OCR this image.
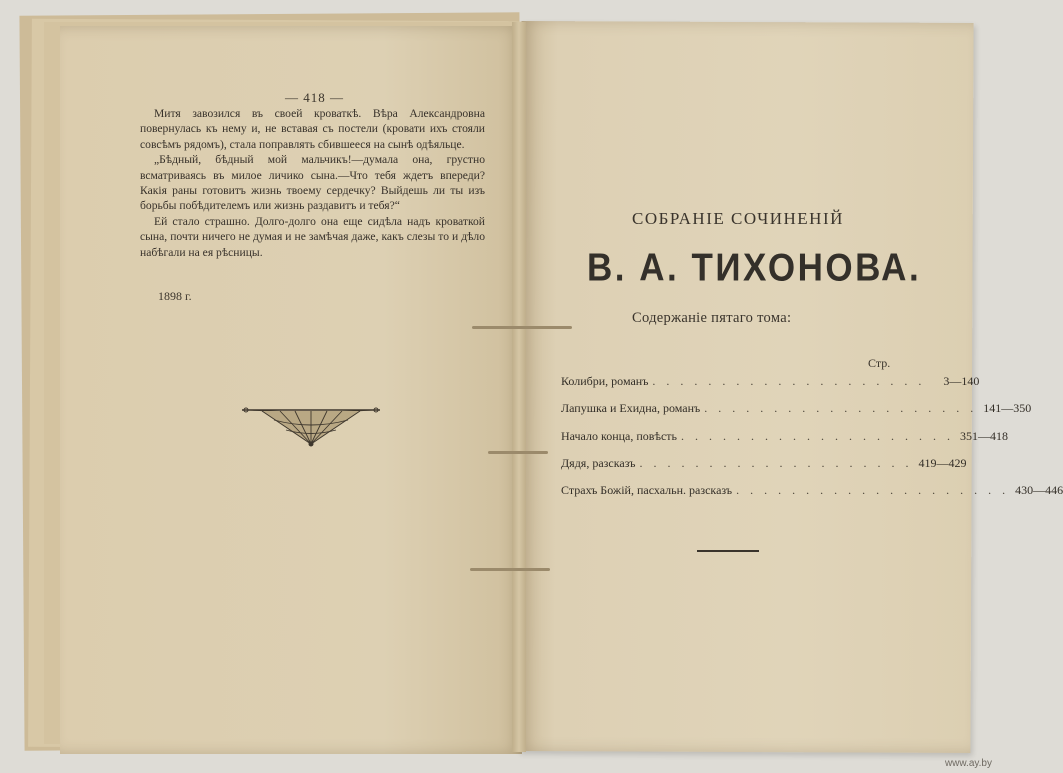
— 418 —

Митя завозился въ своей кроваткѣ. Вѣра Александровна повернулась къ нему и, не вставая съ постели (кровати ихъ стояли совсѣмъ рядомъ), стала поправлять сбившееся на сынѣ одѣяльце.

„Бѣдный, бѣдный мой мальчикъ!—думала она, грустно всматриваясь въ милое личико сына.—Что тебя ждетъ впереди? Какія раны готовитъ жизнь твоему сердечку? Выйдешь ли ты изъ борьбы побѣдителемъ или жизнь раздавитъ и тебя?“

Ей стало страшно. Долго-долго она еще сидѣла надъ кроваткой сына, почти ничего не думая и не замѣчая даже, какъ слезы то и дѣло набѣгали на ея рѣсницы.

1898 г.
СОБРАНІЕ СОЧИНЕНІЙ
В. А. ТИХОНОВА.
Содержаніе пятаго тома:
Стр.
Колибри, романъ . . . . . . . . . . . . . . . . . . . .	3—140
Лапушка и Ехидна, романъ . . . . . . . . . . . . . . . . . . . . 141—350
Начало конца, повѣсть . . . . . . . . . . . . . . . . . . . . 351—418
Дядя, разсказъ . . . . . . . . . . . . . . . . . . . . 419—429
Страхъ Божій, пасхальн. разсказъ . . . . . . . . . . . . . . . . . . . . 430—446
www.ay.by
